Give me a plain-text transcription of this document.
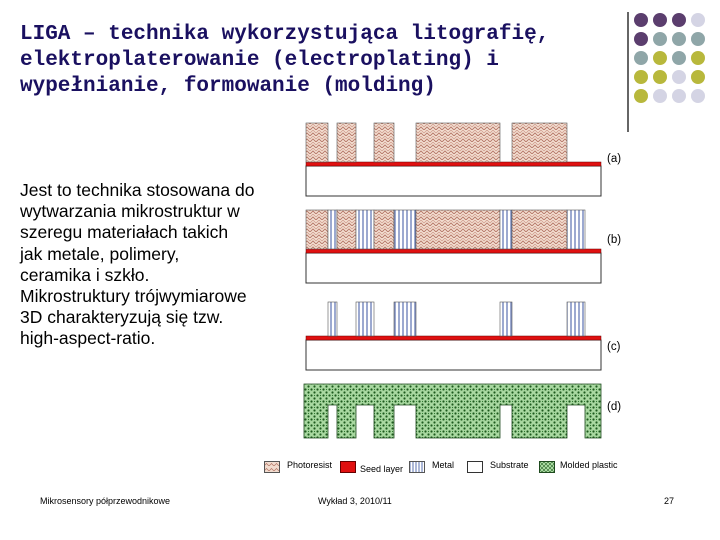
LIGA – technika wykorzystująca litografię,
elektroplaterowanie (electroplating) i
wypełnianie, formowanie (molding)
Jest to technika stosowana do
wytwarzania mikrostruktur w
szeregu materiałach takich
jak metale, polimery,
ceramika i szkło.
Mikrostruktury trójwymiarowe
3D charakteryzują się tzw.
high-aspect-ratio.
(a)
(b)
(c)
(d)
Photoresist	Seed layer	Metal	Substrate	Molded plastic
Mikrosensory półprzewodnikowe	Wykład 3, 2010/11	27
